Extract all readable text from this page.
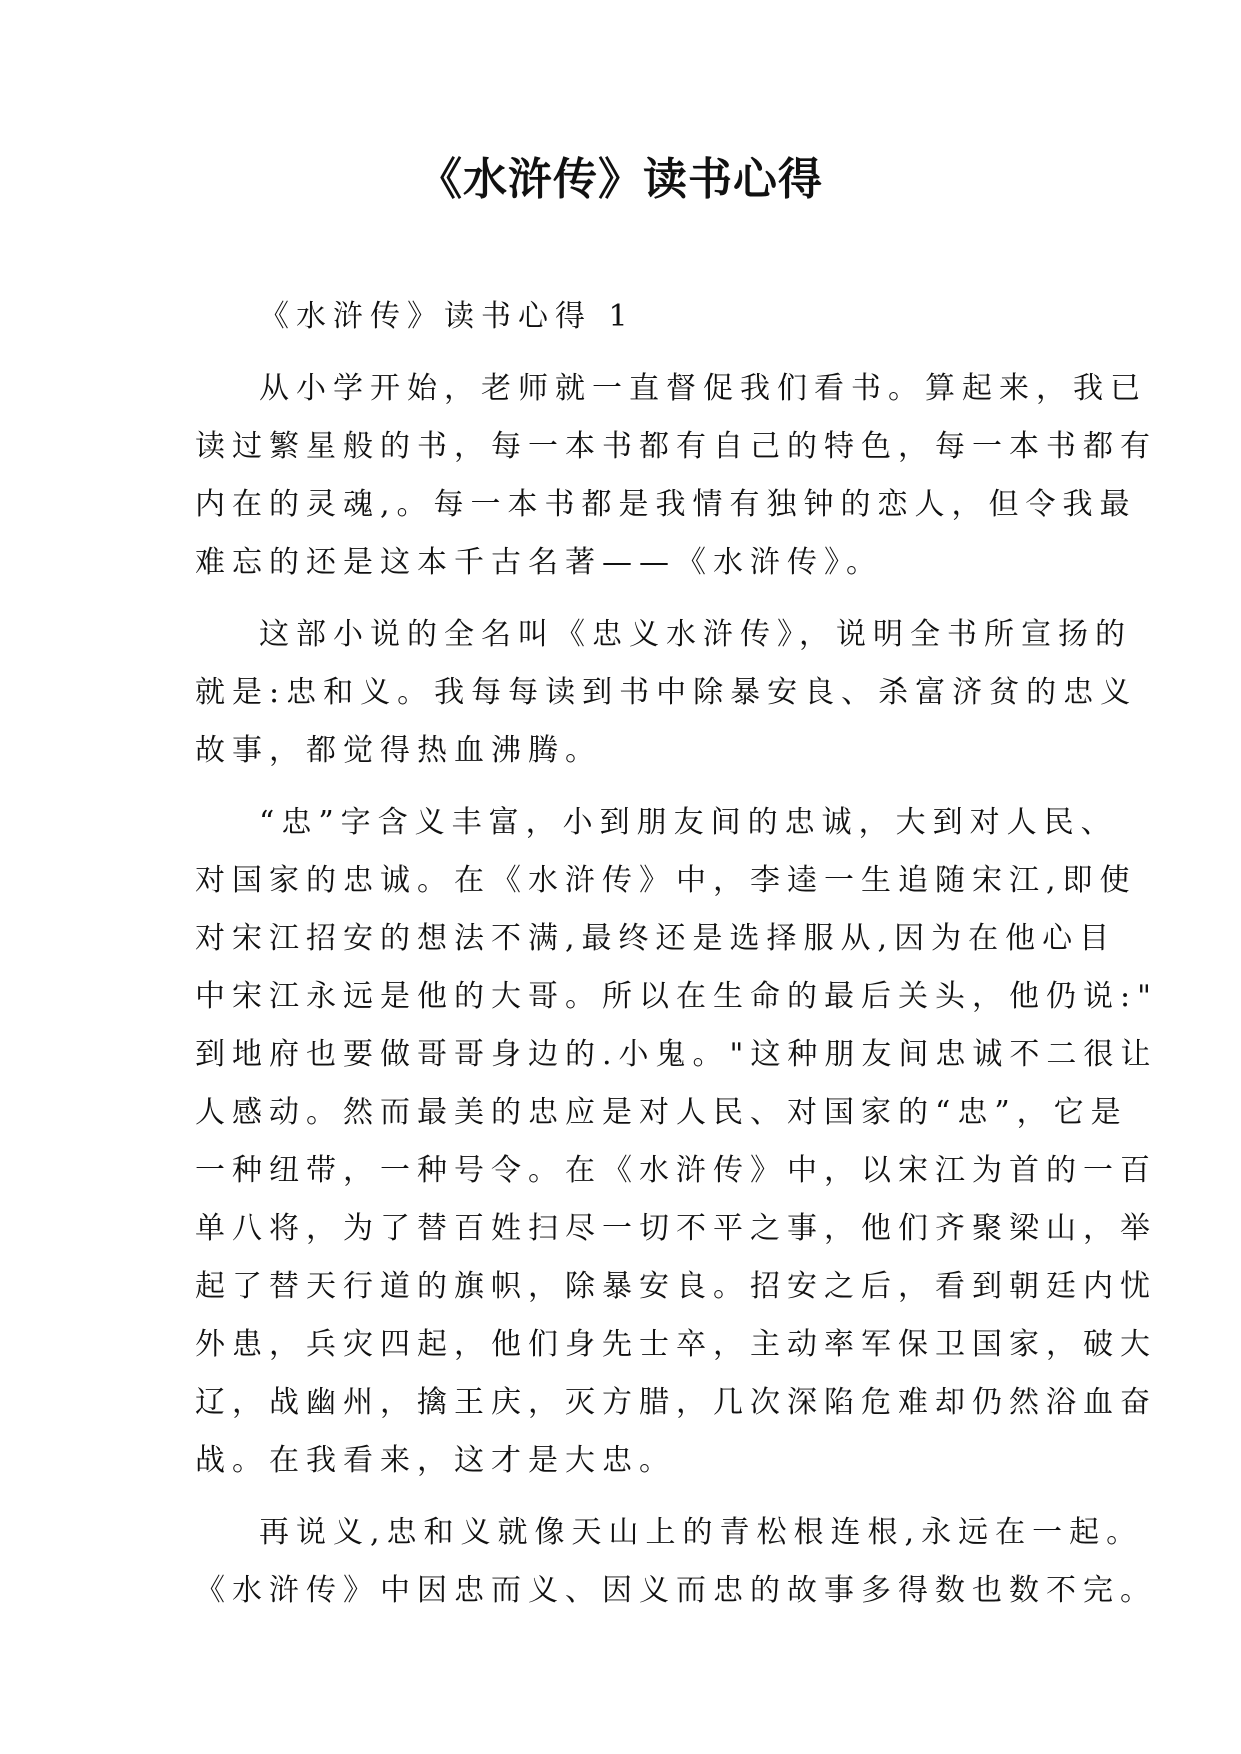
《水浒传》读书心得
《水浒传》读书心得 1
从小学开始，老师就一直督促我们看书。算起来，我已
读过繁星般的书，每一本书都有自己的特色，每一本书都有
内在的灵魂,。每一本书都是我情有独钟的恋人，但令我最
难忘的还是这本千古名著——《水浒传》。
这部小说的全名叫《忠义水浒传》，说明全书所宣扬的
就是:忠和义。我每每读到书中除暴安良、杀富济贫的忠义
故事，都觉得热血沸腾。
“忠”字含义丰富，小到朋友间的忠诚，大到对人民、
对国家的忠诚。在《水浒传》中，李逵一生追随宋江,即使
对宋江招安的想法不满,最终还是选择服从,因为在他心目
中宋江永远是他的大哥。所以在生命的最后关头，他仍说:"
到地府也要做哥哥身边的.小鬼。"这种朋友间忠诚不二很让
人感动。然而最美的忠应是对人民、对国家的“忠”，它是
一种纽带，一种号令。在《水浒传》中，以宋江为首的一百
单八将，为了替百姓扫尽一切不平之事，他们齐聚梁山，举
起了替天行道的旗帜，除暴安良。招安之后，看到朝廷内忧
外患，兵灾四起，他们身先士卒，主动率军保卫国家，破大
辽，战幽州，擒王庆，灭方腊，几次深陷危难却仍然浴血奋
战。在我看来，这才是大忠。
再说义,忠和义就像天山上的青松根连根,永远在一起。
《水浒传》中因忠而义、因义而忠的故事多得数也数不完。
